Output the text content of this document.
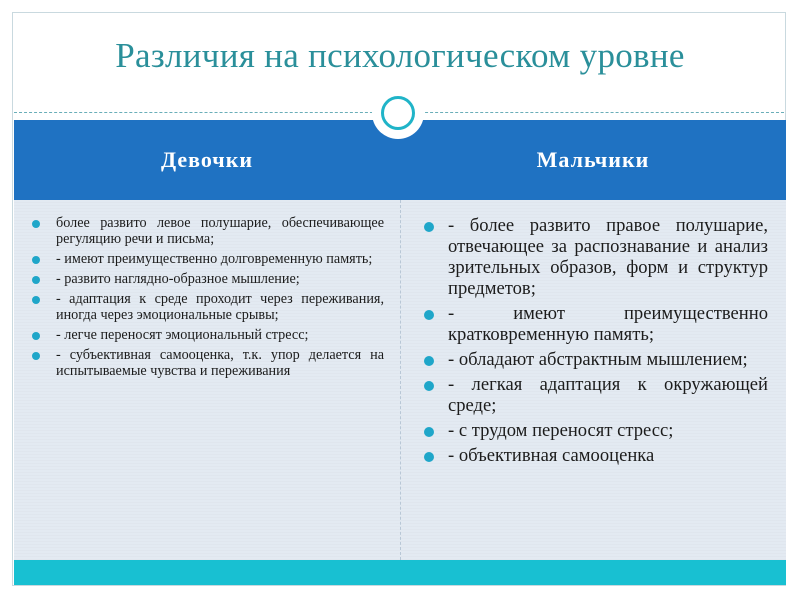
Различия на психологическом уровне
Девочки	Мальчики
более развито левое полушарие, обеспечивающее регуляцию речи и письма;
- имеют преимущественно долговременную память;
- развито наглядно-образное мышление;
- адаптация к среде проходит через переживания, иногда через эмоциональные срывы;
- легче переносят эмоциональный стресс;
- субъективная самооценка, т.к. упор делается на испытываемые чувства и переживания
- более развито правое полушарие, отвечающее за распознавание и анализ зрительных образов, форм и структур предметов;
- имеют преимущественно кратковременную память;
- обладают абстрактным мышлением;
- легкая адаптация к окружающей среде;
- с трудом переносят стресс;
- объективная самооценка
